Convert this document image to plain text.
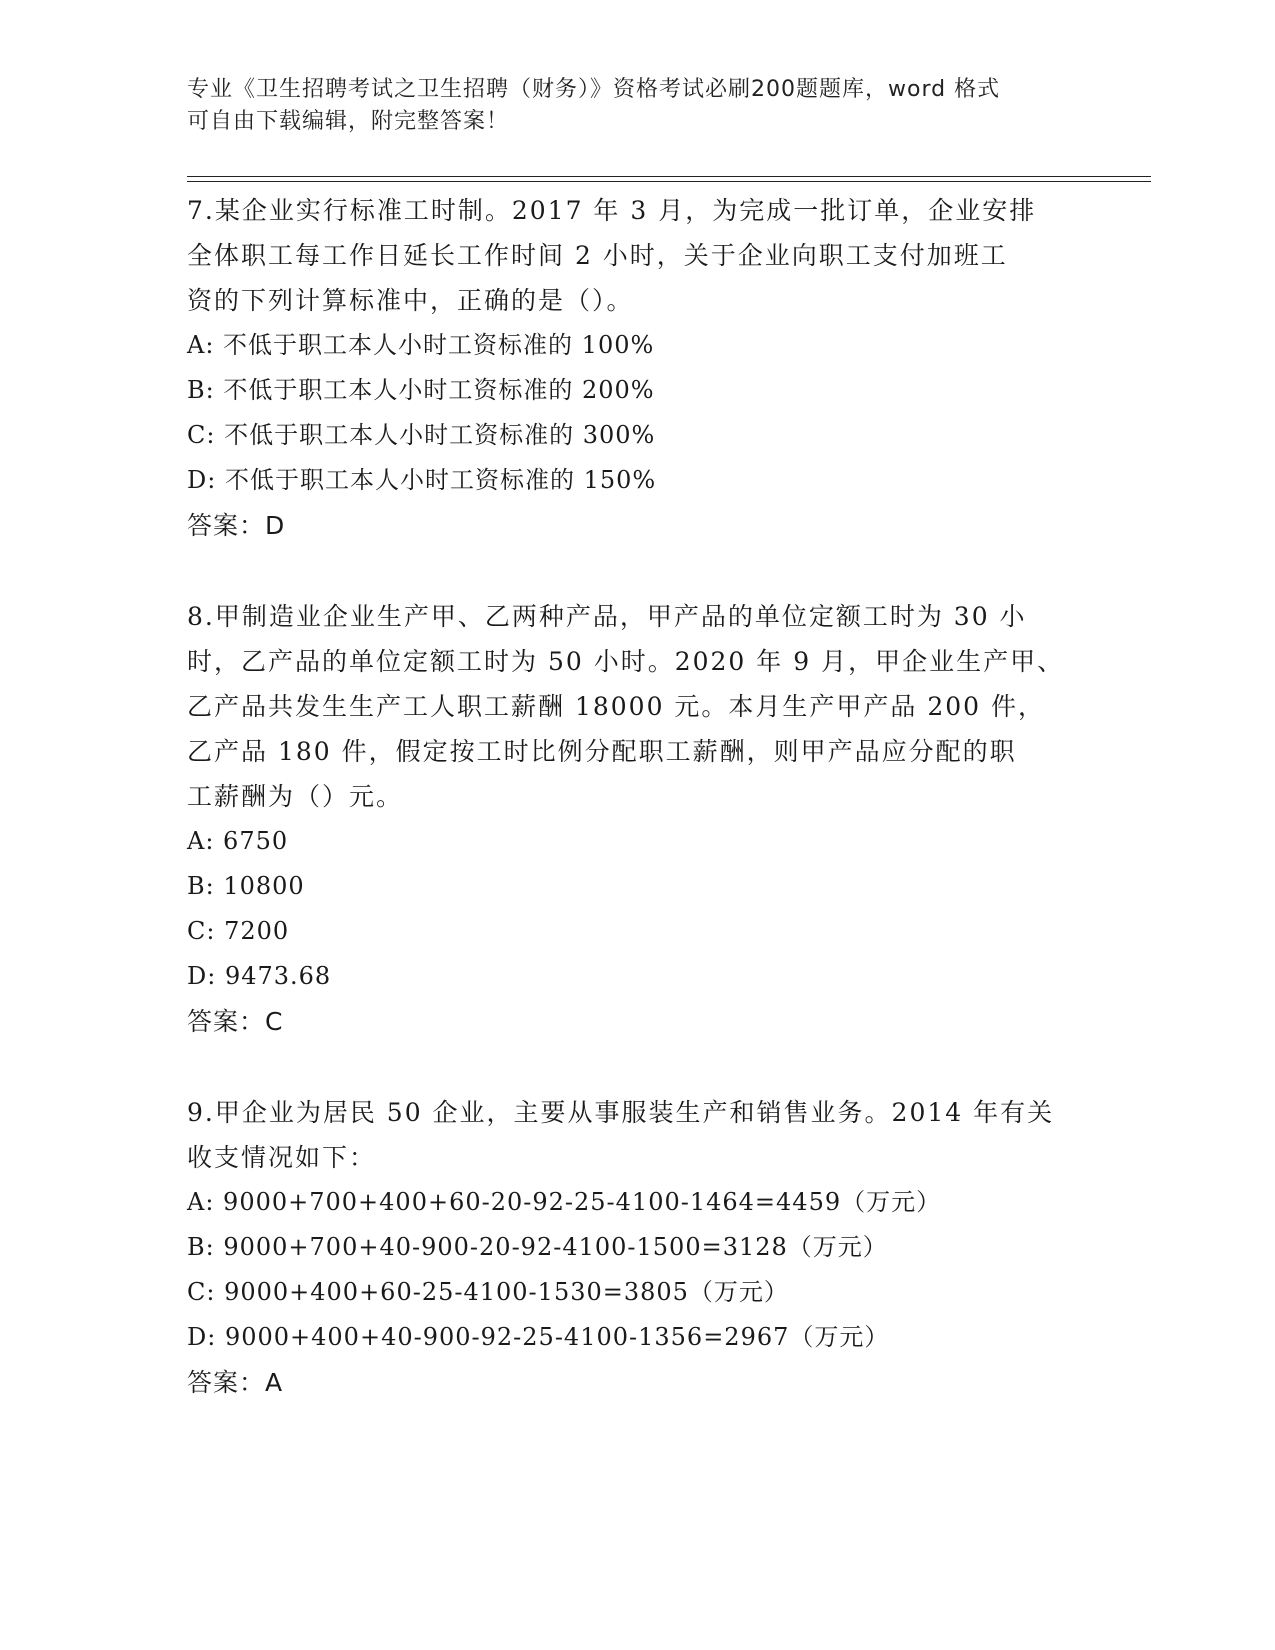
专业《卫生招聘考试之卫生招聘（财务）》资格考试必刷200题题库，word 格式
可自由下载编辑，附完整答案！

7.某企业实行标准工时制。2017 年 3 月，为完成一批订单，企业安排

全体职工每工作日延长工作时间 2 小时，关于企业向职工支付加班工

资的下列计算标准中，正确的是（）。

A: 不低于职工本人小时工资标准的 100%

B: 不低于职工本人小时工资标准的 200%

C: 不低于职工本人小时工资标准的 300%

D: 不低于职工本人小时工资标准的 150%

答案：D

8.甲制造业企业生产甲、乙两种产品，甲产品的单位定额工时为 30 小

时，乙产品的单位定额工时为 50 小时。2020 年 9 月，甲企业生产甲、

乙产品共发生生产工人职工薪酬 18000 元。本月生产甲产品 200 件，

乙产品 180 件，假定按工时比例分配职工薪酬，则甲产品应分配的职

工薪酬为（）元。

A: 6750

B: 10800

C: 7200

D: 9473.68

答案：C

9.甲企业为居民 50 企业，主要从事服装生产和销售业务。2014 年有关

收支情况如下：

A: 9000+700+400+60-20-92-25-4100-1464=4459（万元）

B: 9000+700+40-900-20-92-4100-1500=3128（万元）

C: 9000+400+60-25-4100-1530=3805（万元）

D: 9000+400+40-900-92-25-4100-1356=2967（万元）

答案：A
